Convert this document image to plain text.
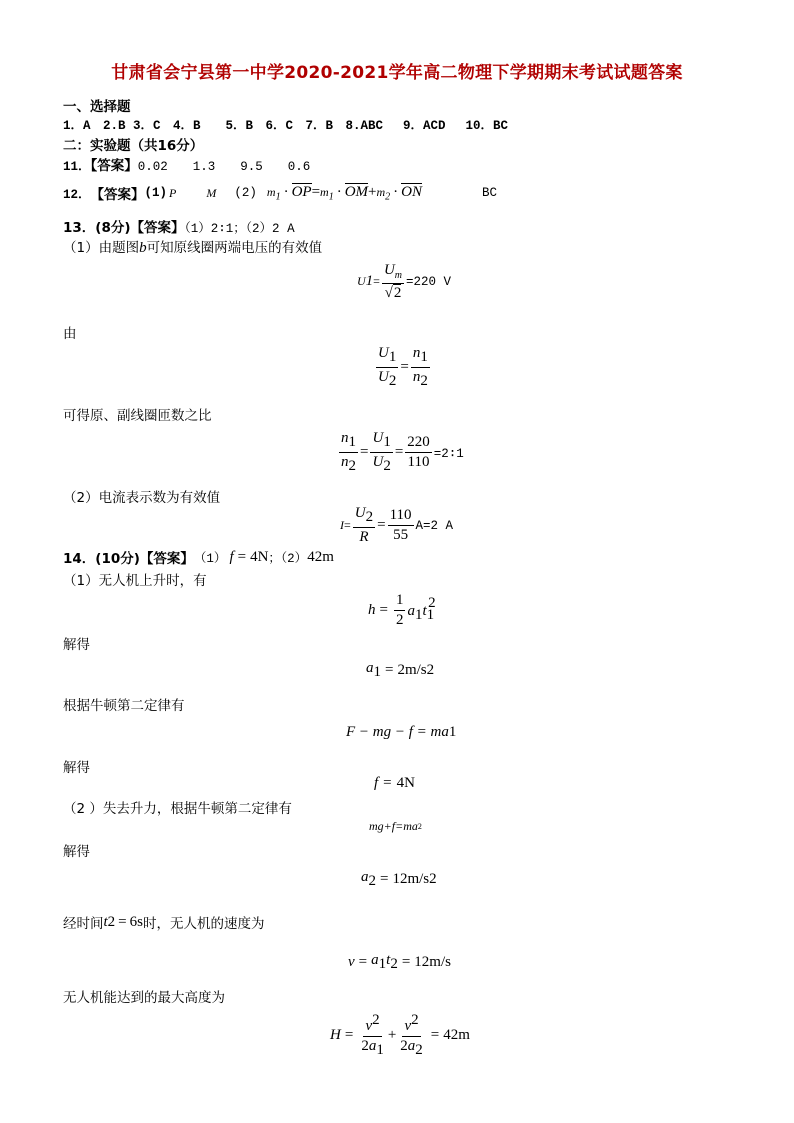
甘肃省会宁县第一中学2020-2021学年高二物理下学期期末考试试题答案
一、选择题
1．A　2.B 3．C　4．B　　5．B　6．C　7．B　8.ABC　 9．ACD　 10．BC
二：实验题（共16分）
11．【答案】0.02　　1.3　　9.5　　0.6
12． 【答案】 (1) P	M (2) $m_1 \cdot OP=m_1 \cdot OM+m_2$ · ON	BC
13．(8分)【答案】（1）2∶1；（2）2 A
（1）由题图b可知原线圈两端电压的有效值
U $1 = \frac{U_m}{√2} =220$ V
由
$\frac{U_1}{U_2} = \frac{n_1}{n_2}$
可得原、副线圈匝数之比
$\frac{n_1}{n_2} = \frac{U_1}{U_2} = \frac{220}{110}$ =2∶1
（2）电流表示数为有效值
$I = \frac{U_2}{R} = \frac{110}{55} A=2$ A
14．(10分) 【答案】 （1） f = 4N ；（2） 42m
（1）无人机上升时，有
$h = \frac{1}{2} a_1t_1^2$
解得
$a_1 = 2m/s$ 2
根据牛顿第二定律有
F − mg − f = ma 1
解得
f = 4N
（2 ）失去升力，根据牛顿第二定律有
mg+f=ma 2
解得
$a_2 = 12m/s$ 2
经时间 t 2 = 6s 时，无人机的速度为
$v = a_1t_2 = 12m/s$
无人机能达到的最大高度为
$H = \frac{v^2}{2a_1} + \frac{v^2}{2a_2} = 42m$
